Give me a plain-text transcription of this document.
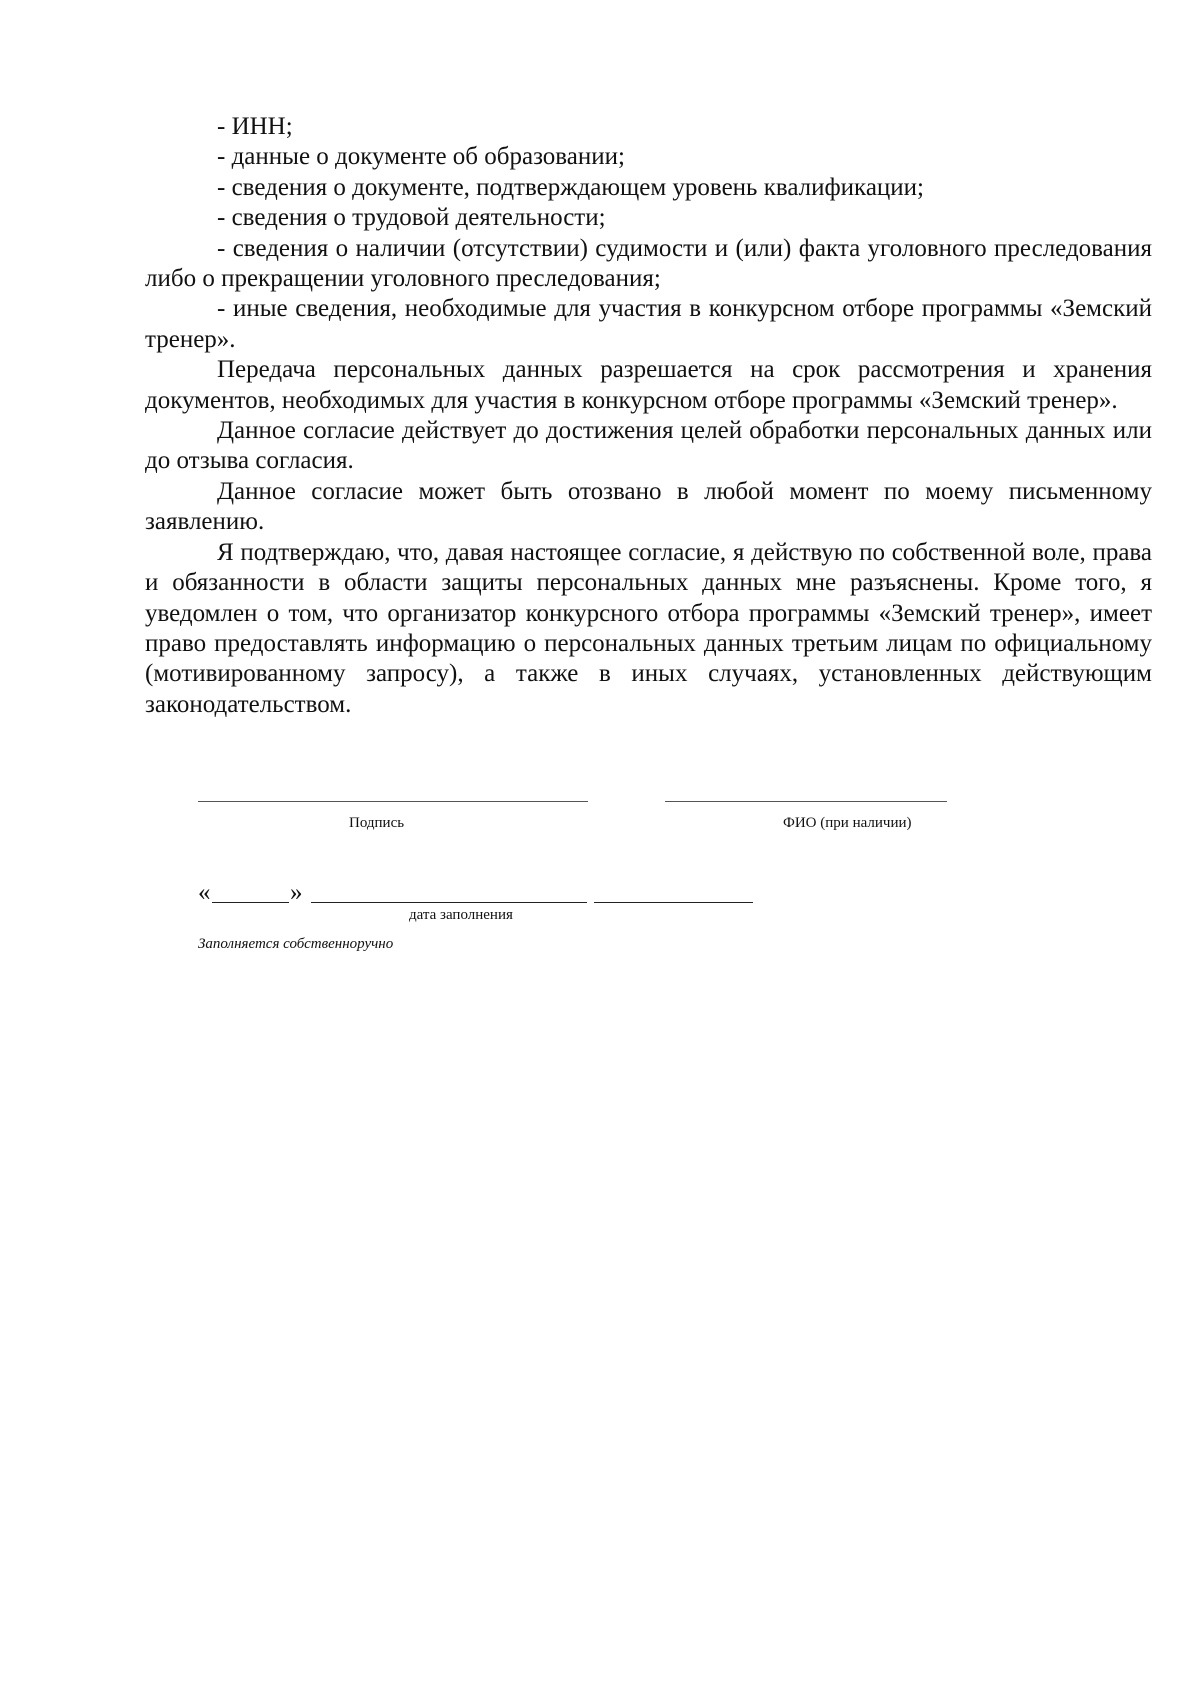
- ИНН;

- данные о документе об образовании;

- сведения о документе, подтверждающем уровень квалификации;

- сведения о трудовой деятельности;

- сведения о наличии (отсутствии) судимости и (или) факта уголовного преследования либо о прекращении уголовного преследования;

- иные сведения, необходимые для участия в конкурсном отборе программы «Земский тренер».

Передача персональных данных разрешается на срок рассмотрения и хранения документов, необходимых для участия в конкурсном отборе программы «Земский тренер».

Данное согласие действует до достижения целей обработки персональных данных или до отзыва согласия.

Данное согласие может быть отозвано в любой момент по моему письменному заявлению.

Я подтверждаю, что, давая настоящее согласие, я действую по собственной воле, права и обязанности в области защиты персональных данных мне разъяснены. Кроме того, я уведомлен о том, что организатор конкурсного отбора программы «Земский тренер», имеет право предоставлять информацию о персональных данных третьим лицам по официальному (мотивированному запросу), а также в иных случаях, установленных действующим законодательством.

Подпись	ФИО (при наличии)
«	»
дата заполнения
Заполняется собственноручно
